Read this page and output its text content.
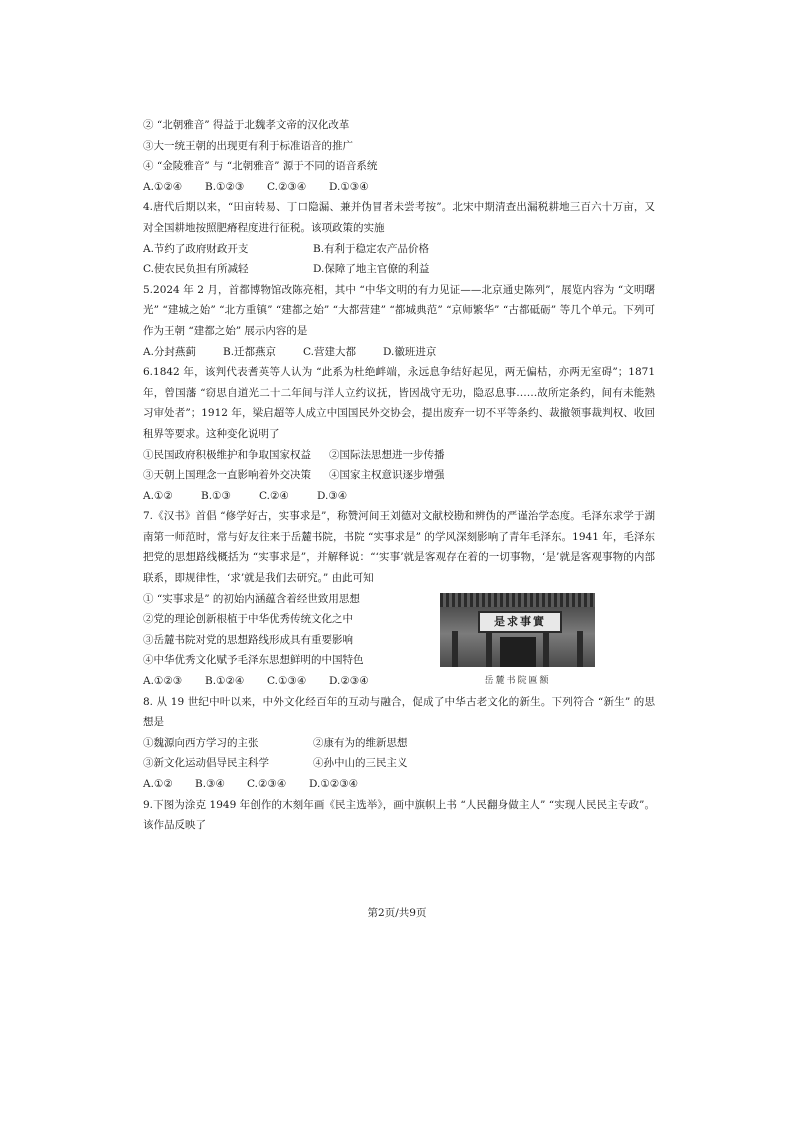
② “北朝雅音” 得益于北魏孝文帝的汉化改革
③大一统王朝的出现更有利于标准语音的推广
④ “金陵雅音” 与 “北朝雅音” 源于不同的语音系统
A.①②④	B.①②③	C.②③④	D.①③④
4.唐代后期以来，“田亩转易、丁口隐漏、兼并伪冒者未尝考按”。北宋中期清查出漏税耕地三百六十万亩，又对全国耕地按照肥瘠程度进行征税。该项政策的实施
A.节约了政府财政开支	B.有利于稳定农产品价格
C.使农民负担有所减轻	D.保障了地主官僚的利益
5.2024 年 2 月，首都博物馆改陈亮相，其中 “中华文明的有力见证——北京通史陈列”，展览内容为 “文明曙光” “建城之始” “北方重镇” “建都之始” “大都营建” “都城典范” “京师繁华” “古都砥砺” 等几个单元。下列可作为王朝 “建都之始” 展示内容的是
A.分封燕蓟	B.迁都燕京	C.营建大都	D.徽班进京
6.1842 年，该判代表耆英等人认为 “此系为杜绝衅端，永远息争结好起见，两无偏枯，亦两无室碍”；1871 年，曾国藩 “窃思自道光二十二年间与洋人立约议抚，皆因战守无功，隐忍息事……故所定条约，间有未能熟习审处者”；1912 年，梁启超等人成立中国国民外交协会，提出废弃一切不平等条约、裁撤领事裁判权、收回租界等要求。这种变化说明了
①民国政府积极维护和争取国家权益	②国际法思想进一步传播
③天朝上国理念一直影响着外交决策	④国家主权意识逐步增强
A.①②	B.①③	C.②④	D.③④
7.《汉书》首倡 “修学好古，实事求是”，称赞河间王刘德对文献校勘和辨伪的严谨治学态度。毛泽东求学于湖南第一师范时，常与好友往来于岳麓书院，书院 “实事求是” 的学风深刻影响了青年毛泽东。1941 年，毛泽东把党的思想路线概括为 “实事求是”，并解释说：“‘实事’就是客观存在着的一切事物，‘是’就是客观事物的内部联系，即规律性，‘求’就是我们去研究。” 由此可知
① “实事求是” 的初始内涵蕴含着经世致用思想
②党的理论创新根植于中华优秀传统文化之中
③岳麓书院对党的思想路线形成具有重要影响
④中华优秀文化赋予毛泽东思想鲜明的中国特色
A.①②③	B.①②④	C.①③④	D.②③④
8. 从 19 世纪中叶以来，中外文化经百年的互动与融合，促成了中华古老文化的新生。下列符合 “新生” 的思想是
①魏源向西方学习的主张	②康有为的维新思想
③新文化运动倡导民主科学	④孙中山的三民主义
A.①②	B.③④	C.②③④	D.①②③④
9.下图为涂克 1949 年创作的木刻年画《民主选举》，画中旗帜上书 “人民翻身做主人” “实现人民民主专政”。该作品反映了
是求事實
岳麓书院匾额
第2页/共9页
